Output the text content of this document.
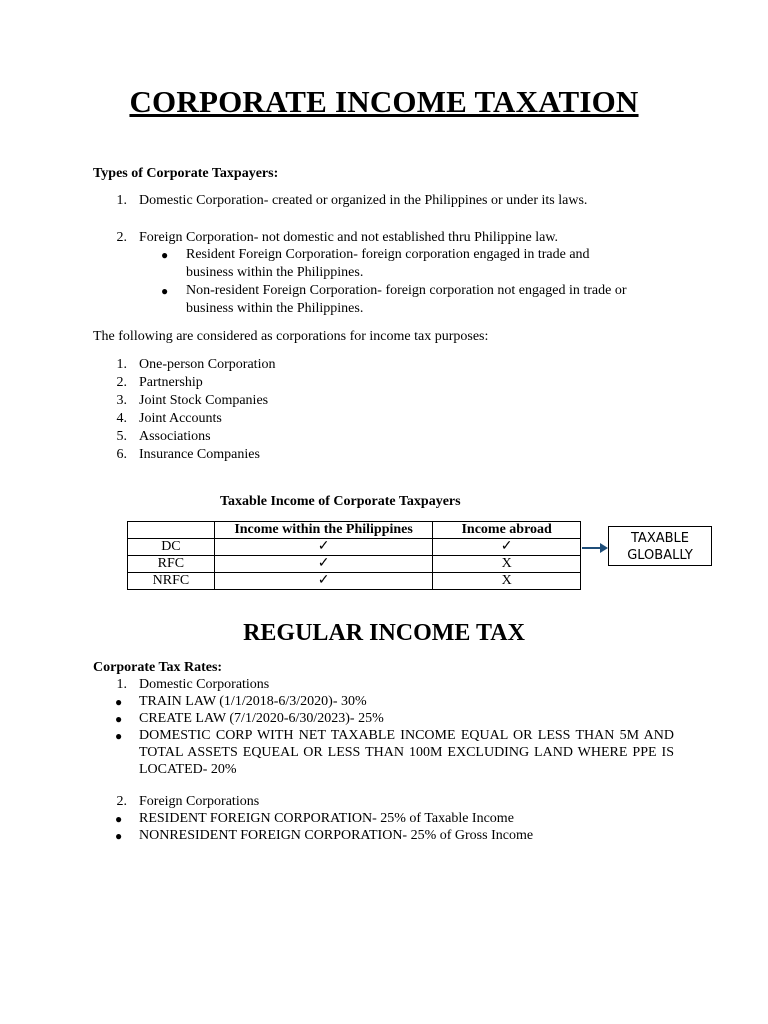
CORPORATE INCOME TAXATION
Types of Corporate Taxpayers:
1. Domestic Corporation- created or organized in the Philippines or under its laws.
2. Foreign Corporation- not domestic and not established thru Philippine law.
● Resident Foreign Corporation- foreign corporation engaged in trade and
business within the Philippines.
● Non-resident Foreign Corporation- foreign corporation not engaged in trade or
business within the Philippines.
The following are considered as corporations for income tax purposes:
1. One-person Corporation
2. Partnership
3. Joint Stock Companies
4. Joint Accounts
5. Associations
6. Insurance Companies
Taxable Income of Corporate Taxpayers
	Income within the Philippines	Income abroad
DC	✓	✓
RFC	✓	X
NRFC	✓	X
TAXABLE
GLOBALLY
REGULAR INCOME TAX
Corporate Tax Rates:
1. Domestic Corporations
● TRAIN LAW (1/1/2018-6/3/2020)- 30%
● CREATE LAW (7/1/2020-6/30/2023)- 25%
● DOMESTIC CORP WITH NET TAXABLE INCOME EQUAL OR LESS THAN 5M AND TOTAL ASSETS EQUEAL OR LESS THAN 100M EXCLUDING LAND WHERE PPE IS LOCATED- 20%
2. Foreign Corporations
● RESIDENT FOREIGN CORPORATION- 25% of Taxable Income
● NONRESIDENT FOREIGN CORPORATION- 25% of Gross Income
